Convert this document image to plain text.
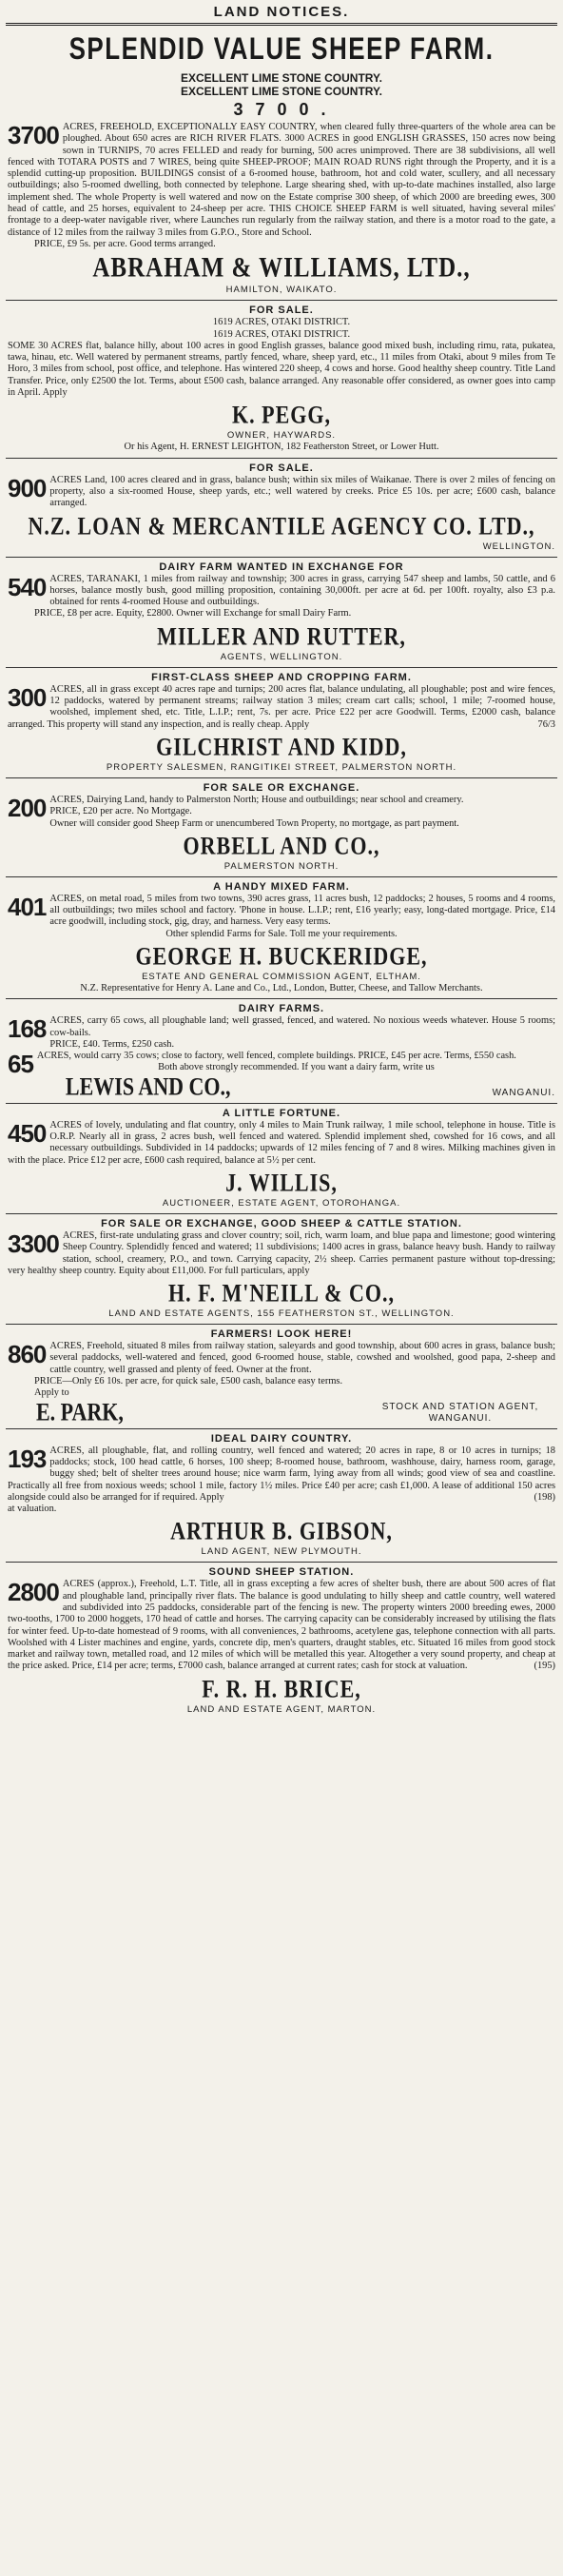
LAND NOTICES.
SPLENDID VALUE SHEEP FARM.
EXCELLENT LIME STONE COUNTRY.
EXCELLENT LIME STONE COUNTRY.
3 7 0 0 .
3700 ACRES, FREEHOLD, EXCEPTIONALLY EASY COUNTRY, when cleared fully three-quarters of the whole area can be ploughed. About 650 acres are RICH RIVER FLATS. 3000 ACRES in good ENGLISH GRASSES, 150 acres now being sown in TURNIPS, 70 acres FELLED and ready for burning, 500 acres unimproved. There are 38 subdivisions, all well fenced with TOTARA POSTS and 7 WIRES, being quite SHEEP-PROOF; MAIN ROAD RUNS right through the Property, and it is a splendid cutting-up proposition. BUILDINGS consist of a 6-roomed house, bathroom, hot and cold water, scullery, and all necessary outbuildings; also 5-roomed dwelling, both connected by telephone. Large shearing shed, with up-to-date machines installed, also large implement shed. The whole Property is well watered and now on the Estate comprise 300 sheep, of which 2000 are breeding ewes, 300 head of cattle, and 25 horses, equivalent to 24-sheep per acre. THIS CHOICE SHEEP FARM is well situated, having several miles' frontage to a deep-water navigable river, where Launches run regularly from the railway station, and there is a motor road to the gate, a distance of 12 miles from the railway 3 miles from G.P.O., Store and School.
PRICE, £9 5s. per acre. Good terms arranged.
ABRAHAM & WILLIAMS, LTD.,
HAMILTON, WAIKATO.
FOR SALE.
1619 ACRES, OTAKI DISTRICT.
1619 ACRES, OTAKI DISTRICT.
SOME 30 ACRES flat, balance hilly, about 100 acres in good English grasses, balance good mixed bush, including rimu, rata, pukatea, tawa, hinau, etc. Well watered by permanent streams, partly fenced, whare, sheep yard, etc., 11 miles from Otaki, about 9 miles from Te Horo, 3 miles from school, post office, and telephone. Has wintered 220 sheep, 4 cows and horse. Good healthy sheep country. Title Land Transfer. Price, only £2500 the lot. Terms, about £500 cash, balance arranged. Any reasonable offer considered, as owner goes into camp in April. Apply
K. PEGG,
OWNER, HAYWARDS.
Or his Agent, H. ERNEST LEIGHTON, 182 Featherston Street, or Lower Hutt.
FOR SALE.
900 ACRES Land, 100 acres cleared and in grass, balance bush; within six miles of Waikanae. There is over 2 miles of fencing on property, also a six-roomed House, sheep yards, etc.; well watered by creeks. Price £5 10s. per acre; £600 cash, balance arranged.
N.Z. LOAN & MERCANTILE AGENCY CO. LTD.,
WELLINGTON.
DAIRY FARM WANTED IN EXCHANGE FOR
540 ACRES, TARANAKI, 1 miles from railway and township; 300 acres in grass, carrying 547 sheep and lambs, 50 cattle, and 6 horses, balance mostly bush, good milling proposition, containing 30,000ft. per acre at 6d. per 100ft. royalty, also £3 p.a. obtained for rents 4-roomed House and outbuildings.
PRICE, £8 per acre. Equity, £2800. Owner will Exchange for small Dairy Farm.
MILLER AND RUTTER,
AGENTS, WELLINGTON.
FIRST-CLASS SHEEP AND CROPPING FARM.
300 ACRES, all in grass except 40 acres rape and turnips; 200 acres flat, balance undulating, all ploughable; post and wire fences, 12 paddocks, watered by permanent streams; railway station 3 miles; cream cart calls; school, 1 mile; 7-roomed house, woolshed, implement shed, etc. Title, L.I.P.; rent, 7s. per acre. Price £22 per acre Goodwill. Terms, £2000 cash, balance arranged. This property will stand any inspection, and is really cheap. Apply	76/3
GILCHRIST AND KIDD,
PROPERTY SALESMEN, RANGITIKEI STREET, PALMERSTON NORTH.
FOR SALE OR EXCHANGE.
200 ACRES, Dairying Land, handy to Palmerston North; House and outbuildings; near school and creamery.
PRICE, £20 per acre. No Mortgage.
Owner will consider good Sheep Farm or unencumbered Town Property, no mortgage, as part payment.
ORBELL AND CO.,
PALMERSTON NORTH.
A HANDY MIXED FARM.
401 ACRES, on metal road, 5 miles from two towns, 390 acres grass, 11 acres bush, 12 paddocks; 2 houses, 5 rooms and 4 rooms, all outbuildings; two miles school and factory. 'Phone in house. L.I.P.; rent, £16 yearly; easy, long-dated mortgage. Price, £14 acre goodwill, including stock, gig, dray, and harness. Very easy terms.
Other splendid Farms for Sale. Toll me your requirements.
GEORGE H. BUCKERIDGE,
ESTATE AND GENERAL COMMISSION AGENT, ELTHAM.
N.Z. Representative for Henry A. Lane and Co., Ltd., London, Butter, Cheese, and Tallow Merchants.
DAIRY FARMS.
168 ACRES, carry 65 cows, all ploughable land; well grassed, fenced, and watered. No noxious weeds whatever. House 5 rooms; cow-bails.
PRICE, £40. Terms, £250 cash.
65 ACRES, would carry 35 cows; close to factory, well fenced, complete buildings. PRICE, £45 per acre. Terms, £550 cash.
Both above strongly recommended. If you want a dairy farm, write us
LEWIS AND CO.,	WANGANUI.
A LITTLE FORTUNE.
450 ACRES of lovely, undulating and flat country, only 4 miles to Main Trunk railway, 1 mile school, telephone in house. Title is O.R.P. Nearly all in grass, 2 acres bush, well fenced and watered. Splendid implement shed, cowshed for 16 cows, and all necessary outbuildings. Subdivided in 14 paddocks; upwards of 12 miles fencing of 7 and 8 wires. Milking machines given in with the place. Price £12 per acre, £600 cash required, balance at 5½ per cent.
J. WILLIS,
AUCTIONEER, ESTATE AGENT, OTOROHANGA.
FOR SALE OR EXCHANGE, GOOD SHEEP & CATTLE STATION.
3300 ACRES, first-rate undulating grass and clover country; soil, rich, warm loam, and blue papa and limestone; good wintering Sheep Country. Splendidly fenced and watered; 11 subdivisions; 1400 acres in grass, balance heavy bush. Handy to railway station, school, creamery, P.O., and town. Carrying capacity, 2½ sheep. Carries permanent pasture without top-dressing; very healthy sheep country. Equity about £11,000. For full particulars, apply
H. F. M'NEILL & CO.,
LAND AND ESTATE AGENTS, 155 FEATHERSTON ST., WELLINGTON.
FARMERS! LOOK HERE!
860 ACRES, Freehold, situated 8 miles from railway station, saleyards and good township, about 600 acres in grass, balance bush; several paddocks, well-watered and fenced, good 6-roomed house, stable, cowshed and woolshed, good papa, 2-sheep and cattle country, well grassed and plenty of feed. Owner at the front.
PRICE—Only £6 10s. per acre, for quick sale, £500 cash, balance easy terms.
Apply to
E. PARK,	STOCK AND STATION AGENT, WANGANUI.
IDEAL DAIRY COUNTRY.
193 ACRES, all ploughable, flat, and rolling country, well fenced and watered; 20 acres in rape, 8 or 10 acres in turnips; 18 paddocks; stock, 100 head cattle, 6 horses, 100 sheep; 8-roomed house, bathroom, washhouse, dairy, harness room, garage, buggy shed; belt of shelter trees around house; nice warm farm, lying away from all winds; good view of sea and coastline. Practically all free from noxious weeds; school 1 mile, factory 1½ miles. Price £40 per acre; cash £1,000. A lease of additional 150 acres alongside could also be arranged for if required. Apply	(198)
at valuation.
ARTHUR B. GIBSON,
LAND AGENT, NEW PLYMOUTH.
SOUND SHEEP STATION.
2800 ACRES (approx.), Freehold, L.T. Title, all in grass excepting a few acres of shelter bush, there are about 500 acres of flat and ploughable land, principally river flats. The balance is good undulating to hilly sheep and cattle country, well watered and subdivided into 25 paddocks, considerable part of the fencing is new. The property winters 2000 breeding ewes, 2000 two-tooths, 1700 to 2000 hoggets, 170 head of cattle and horses. The carrying capacity can be considerably increased by utilising the flats for winter feed. Up-to-date homestead of 9 rooms, with all conveniences, 2 bathrooms, acetylene gas, telephone connection with all parts. Woolshed with 4 Lister machines and engine, yards, concrete dip, men's quarters, draught stables, etc. Situated 16 miles from good stock market and railway town, metalled road, and 12 miles of which will be metalled this year. Altogether a very sound property, and cheap at the price asked. Price, £14 per acre; terms, £7000 cash, balance arranged at current rates; cash for stock at valuation.	(195)
F. R. H. BRICE,
LAND AND ESTATE AGENT, MARTON.
